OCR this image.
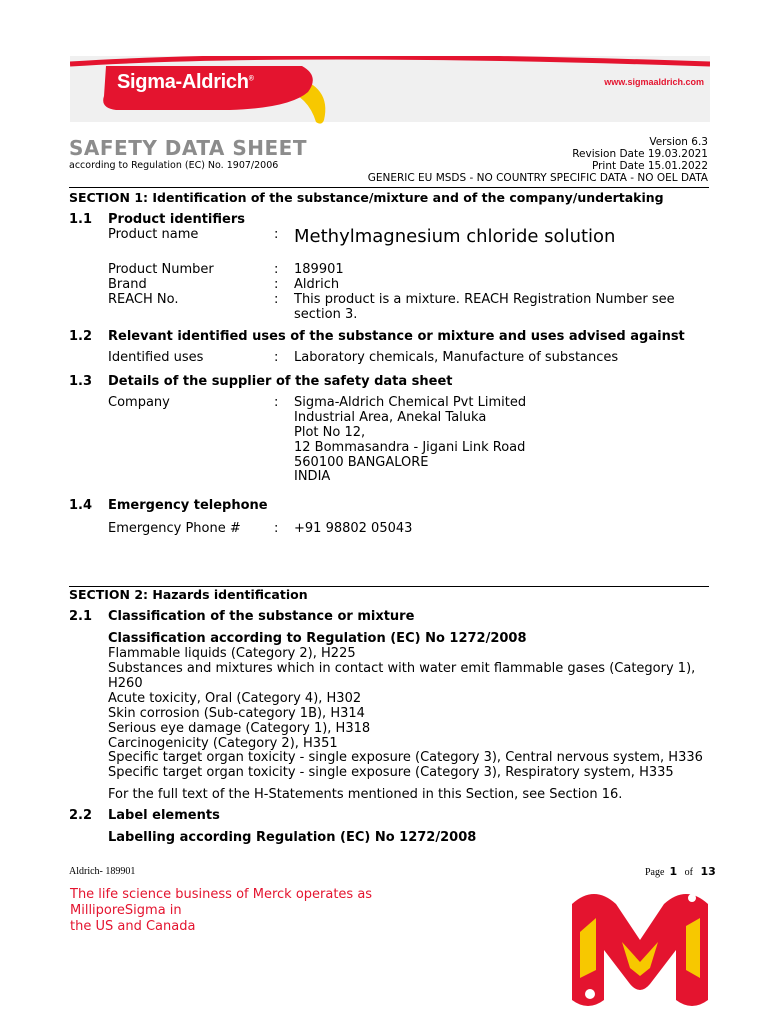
Sigma-Aldrich®	www.sigmaaldrich.com
SAFETY DATA SHEET
according to Regulation (EC) No. 1907/2006
Version 6.3
Revision Date 19.03.2021
Print Date 15.01.2022
GENERIC EU MSDS - NO COUNTRY SPECIFIC DATA - NO OEL DATA
SECTION 1: Identification of the substance/mixture and of the company/undertaking
1.1 Product identifiers
Product name	: Methylmagnesium chloride solution
Product Number	: 189901
Brand	: Aldrich
REACH No.	: This product is a mixture. REACH Registration Number see
section 3.
1.2 Relevant identified uses of the substance or mixture and uses advised against
Identified uses	: Laboratory chemicals, Manufacture of substances
1.3 Details of the supplier of the safety data sheet
Company	: Sigma-Aldrich Chemical Pvt Limited
Industrial Area, Anekal Taluka
Plot No 12,
12 Bommasandra - Jigani Link Road
560100 BANGALORE
INDIA
1.4 Emergency telephone
Emergency Phone #	: +91 98802 05043
SECTION 2: Hazards identification
2.1 Classification of the substance or mixture
Classification according to Regulation (EC) No 1272/2008
Flammable liquids (Category 2), H225
Substances and mixtures which in contact with water emit flammable gases (Category 1),
H260
Acute toxicity, Oral (Category 4), H302
Skin corrosion (Sub-category 1B), H314
Serious eye damage (Category 1), H318
Carcinogenicity (Category 2), H351
Specific target organ toxicity - single exposure (Category 3), Central nervous system, H336
Specific target organ toxicity - single exposure (Category 3), Respiratory system, H335
For the full text of the H-Statements mentioned in this Section, see Section 16.
2.2 Label elements
Labelling according Regulation (EC) No 1272/2008
Aldrich- 189901	Page 1 of 13
The life science business of Merck operates as MilliporeSigma in
the US and Canada
